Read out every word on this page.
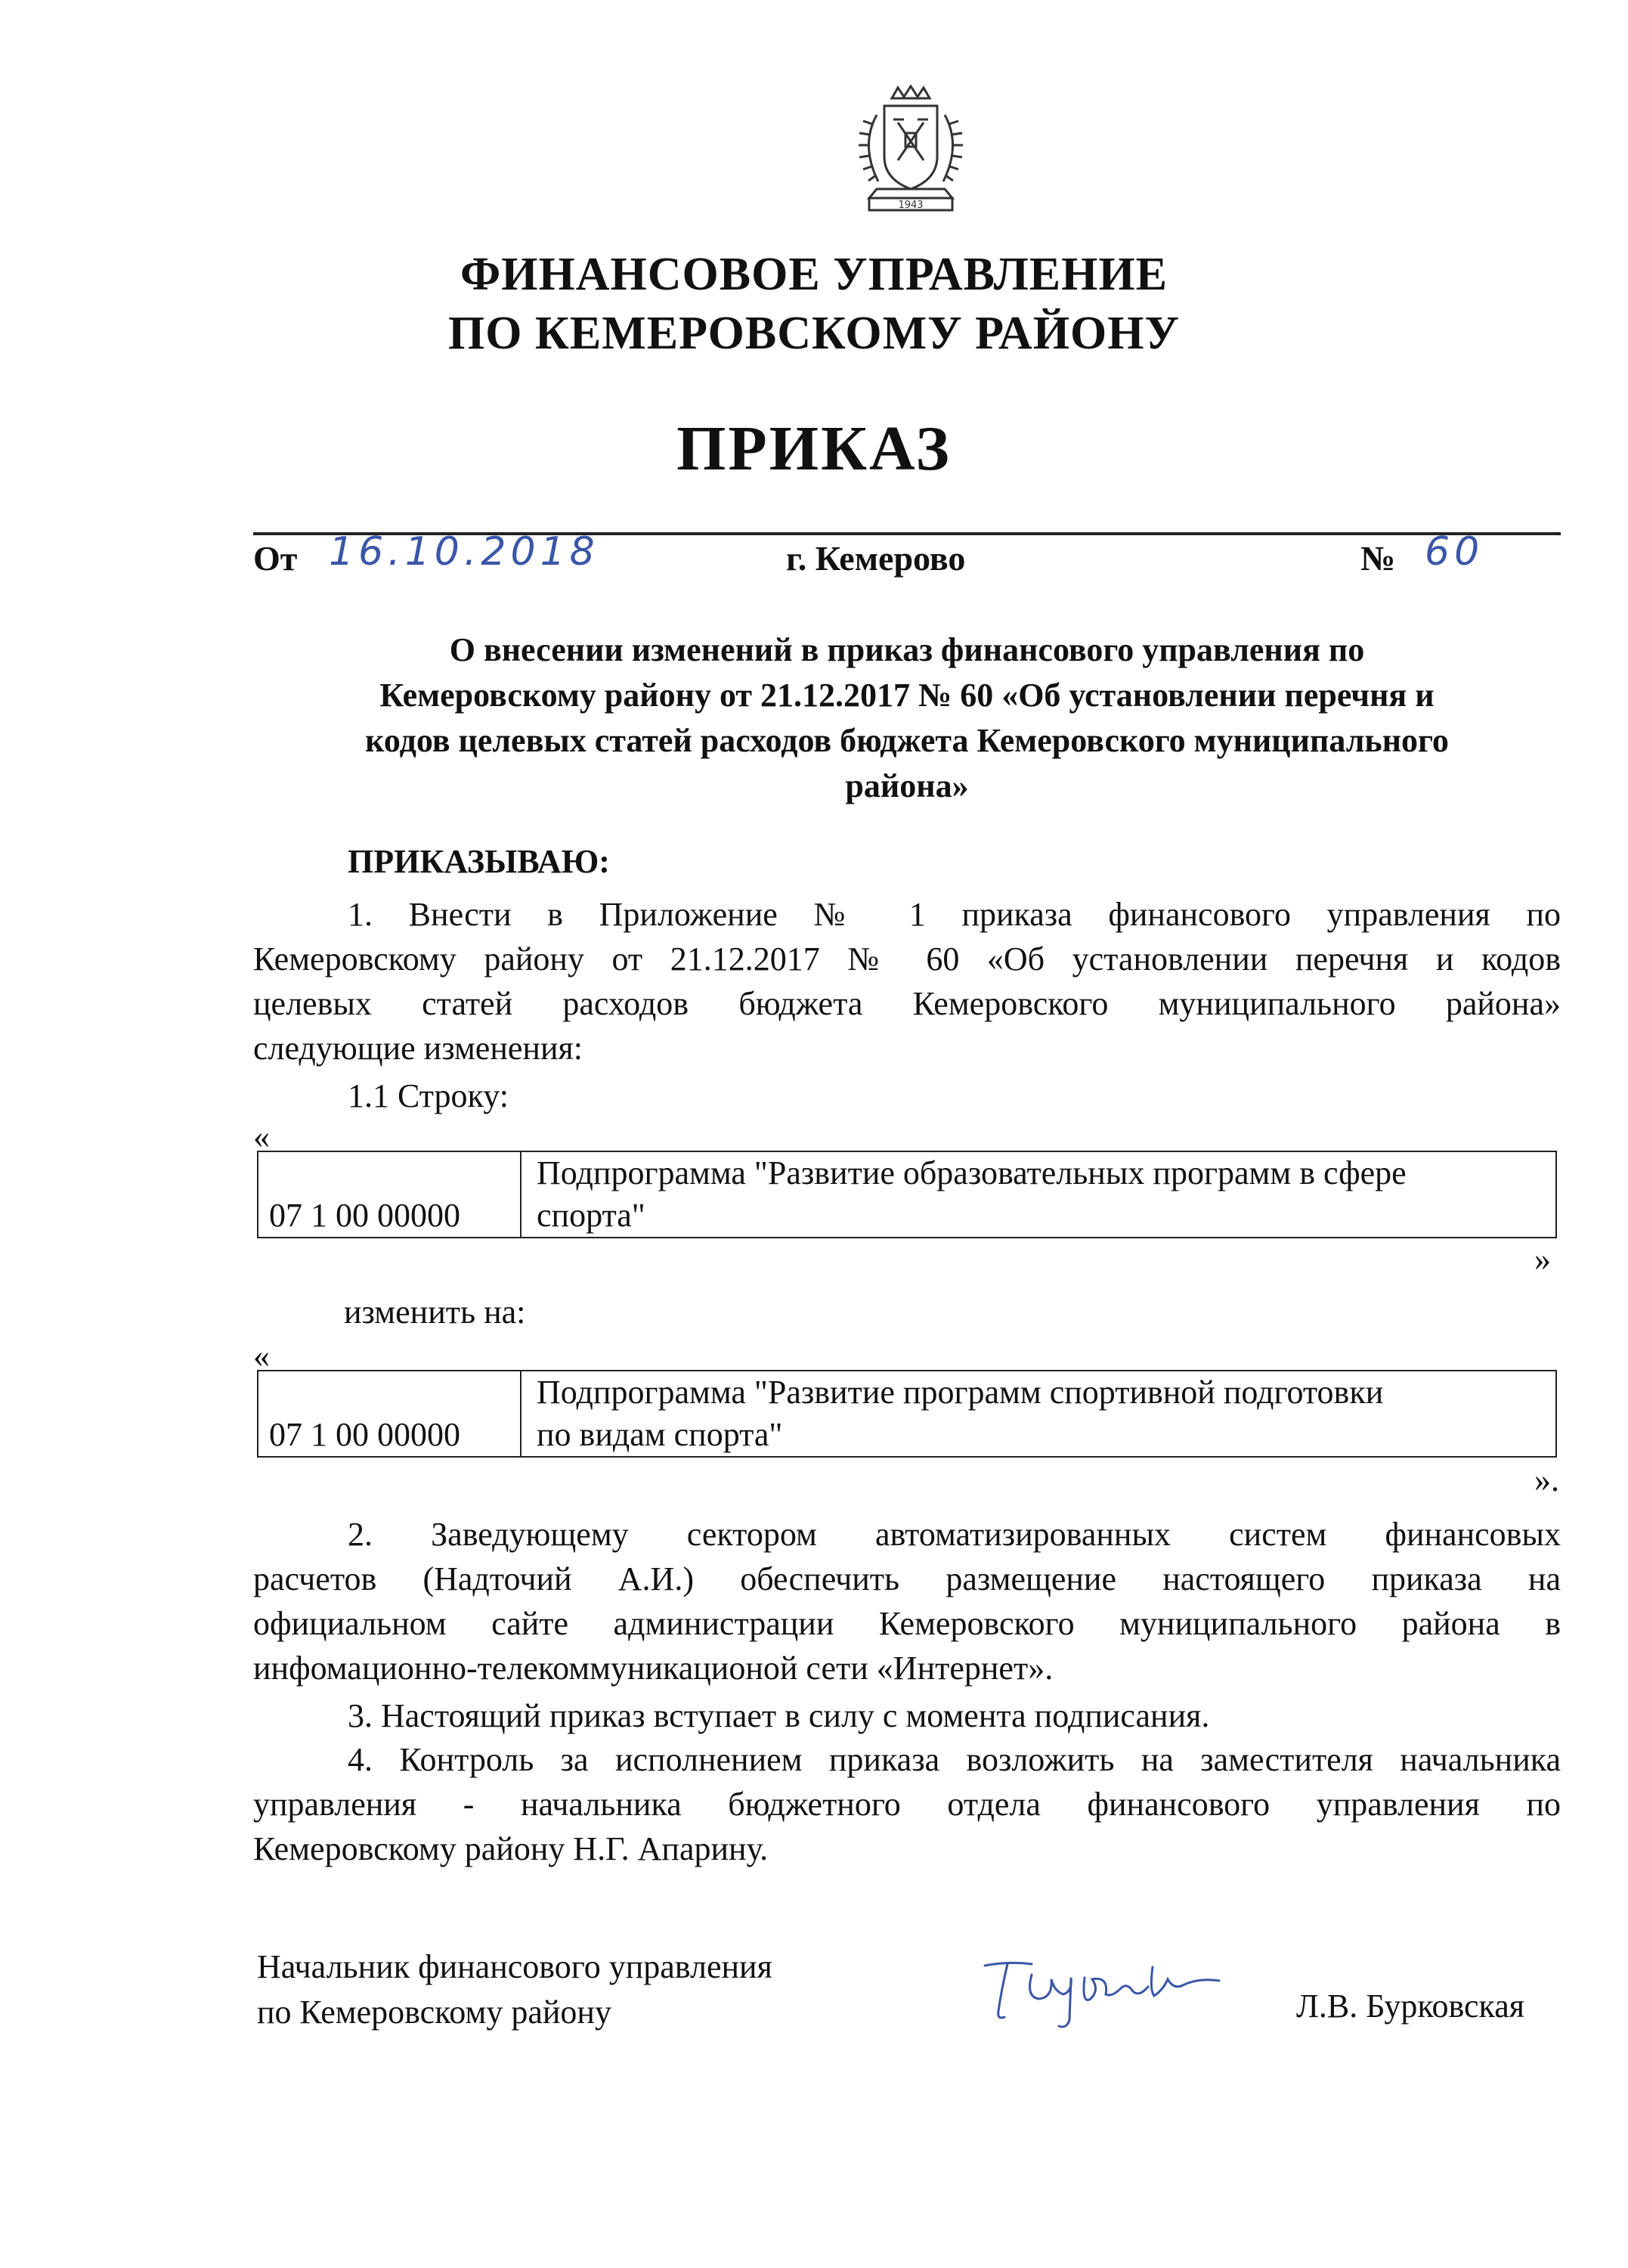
1943
ФИНАНСОВОЕ УПРАВЛЕНИЕ
ПО КЕМЕРОВСКОМУ РАЙОНУ
ПРИКАЗ
От 16.10.2018	г. Кемерово	№ 60
О внесении изменений в приказ финансового управления по
Кемеровскому району от 21.12.2017 № 60 «Об установлении перечня и
кодов целевых статей расходов бюджета Кемеровского муниципального
района»
ПРИКАЗЫВАЮ:
1. Внести в Приложение № 1 приказа финансового управления по
Кемеровскому району от 21.12.2017 № 60 «Об установлении перечня и кодов
целевых статей расходов бюджета Кемеровского муниципального района»
следующие изменения:
1.1 Строку:
«
07 1 00 00000	
Подпрограмма "Развитие образовательных программ в сфере
спорта"
»
изменить на:
«
07 1 00 00000	
Подпрограмма "Развитие программ спортивной подготовки
по видам спорта"
».
2. Заведующему сектором автоматизированных систем финансовых
расчетов (Надточий А.И.) обеспечить размещение настоящего приказа на
официальном сайте администрации Кемеровского муниципального района в
инфомационно-телекоммуникационой сети «Интернет».
3. Настоящий приказ вступает в силу с момента подписания.
4. Контроль за исполнением приказа возложить на заместителя начальника
управления - начальника бюджетного отдела финансового управления по
Кемеровскому району Н.Г. Апарину.
Начальник финансового управления
по Кемеровскому району	Л.В. Бурковская
